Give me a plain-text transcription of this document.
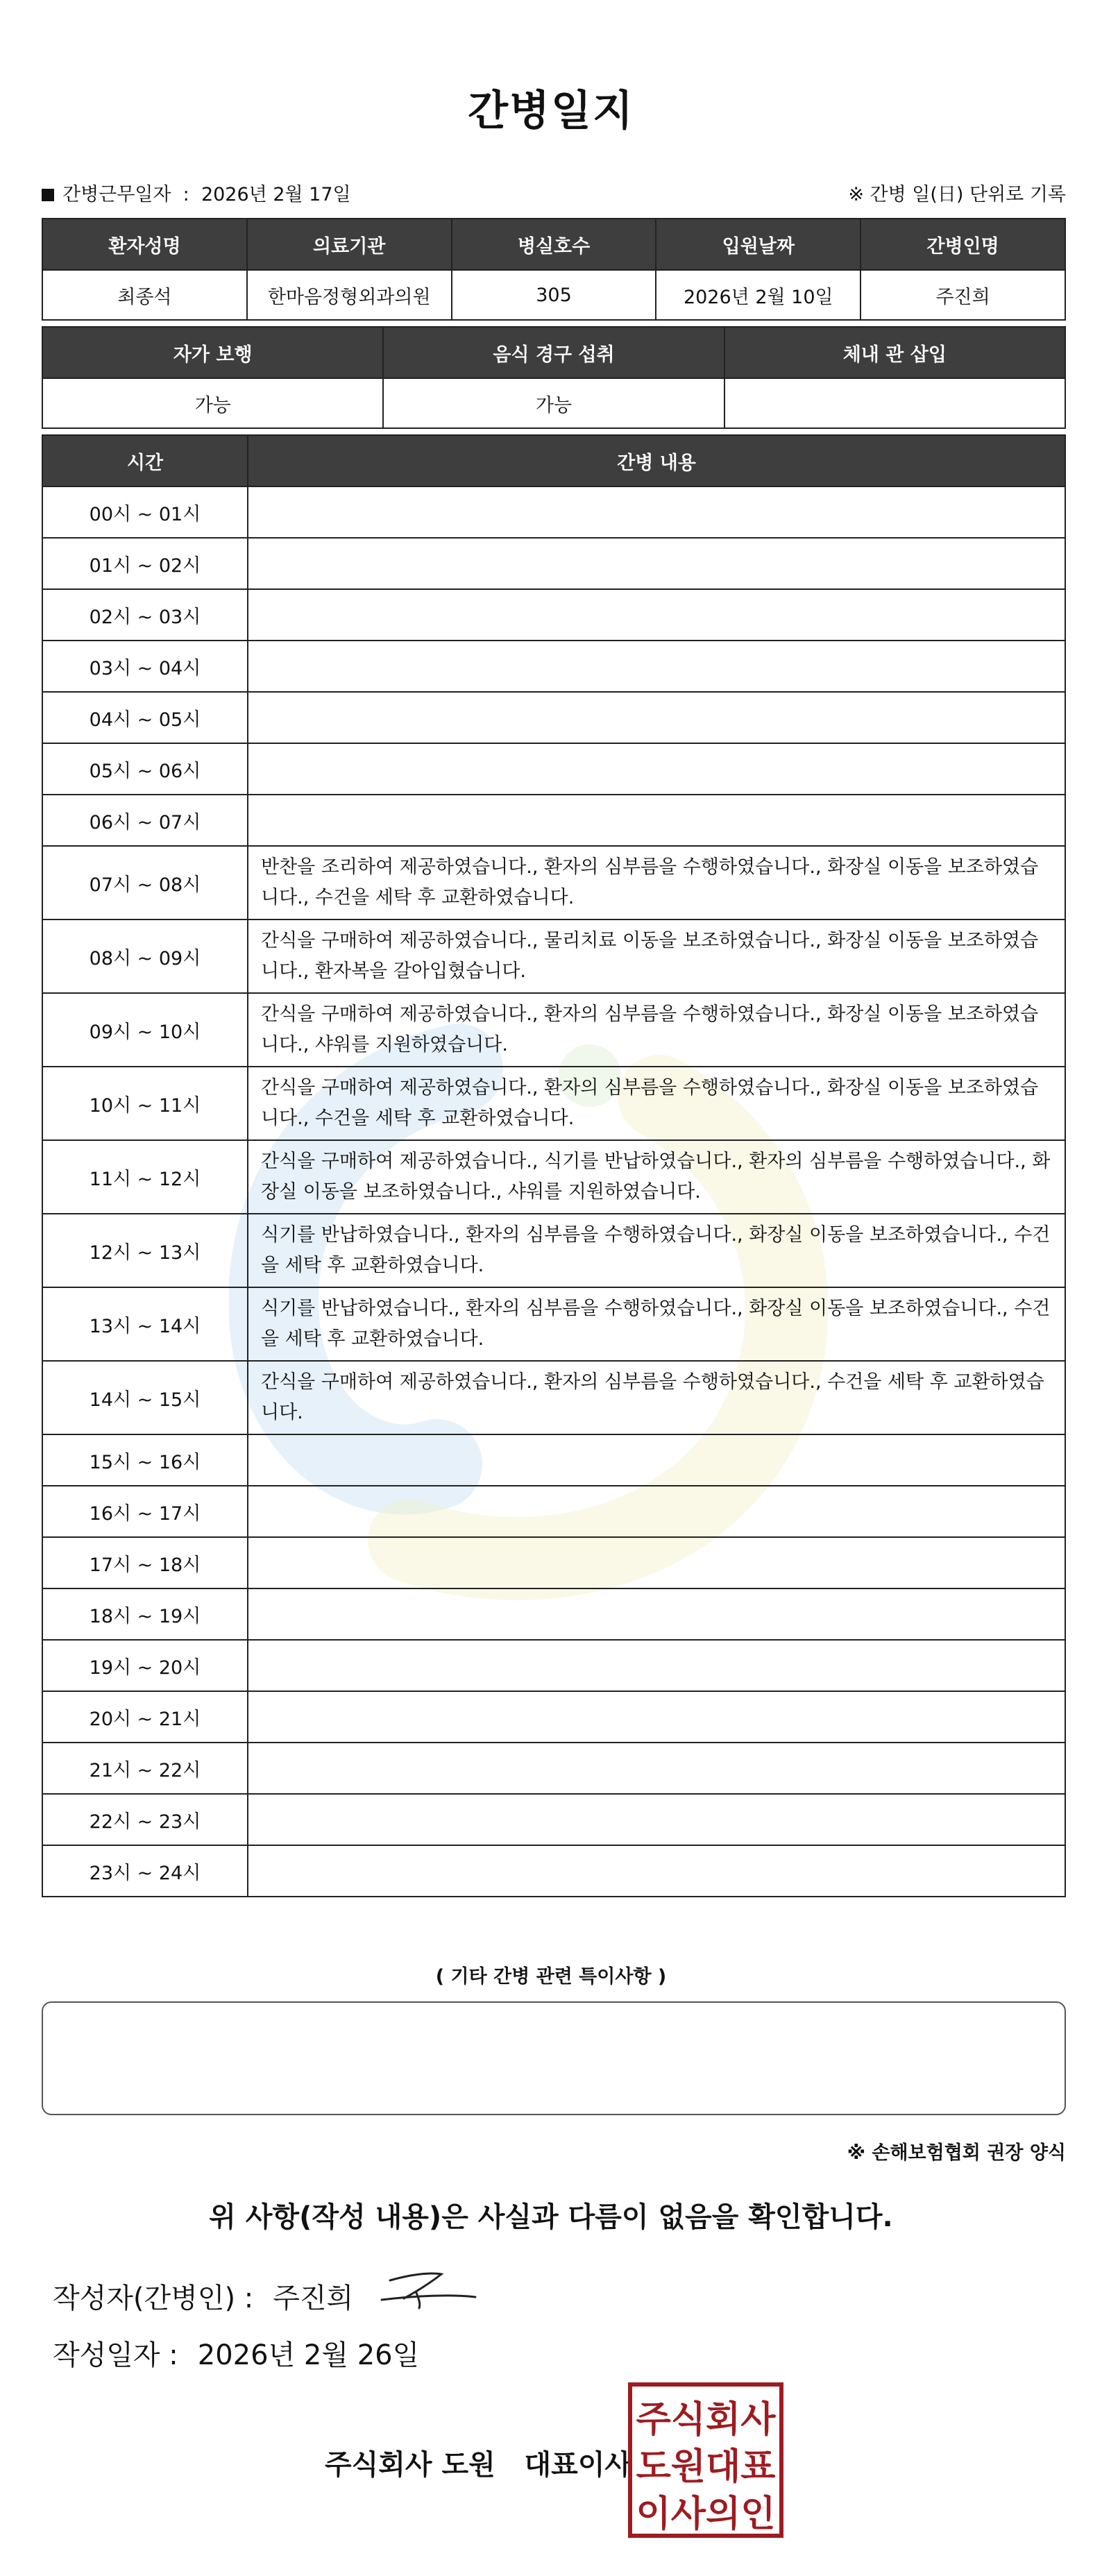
간병일지
간병근무일자 : 2026년 2월 17일	※ 간병 일(日) 단위로 기록
환자성명	의료기관	병실호수	입원날짜	간병인명
최종석	한마음정형외과의원	305	2026년 2월 10일	주진희
자가 보행	음식 경구 섭취	체내 관 삽입
가능	가능	
시간	간병 내용
00시 ~ 01시	
01시 ~ 02시	
02시 ~ 03시	
03시 ~ 04시	
04시 ~ 05시	
05시 ~ 06시	
06시 ~ 07시	
07시 ~ 08시	반찬을 조리하여 제공하였습니다., 환자의 심부름을 수행하였습니다., 화장실 이동을 보조하였습니다., 수건을 세탁 후 교환하였습니다.
08시 ~ 09시	간식을 구매하여 제공하였습니다., 물리치료 이동을 보조하였습니다., 화장실 이동을 보조하였습니다., 환자복을 갈아입혔습니다.
09시 ~ 10시	간식을 구매하여 제공하였습니다., 환자의 심부름을 수행하였습니다., 화장실 이동을 보조하였습니다., 샤워를 지원하였습니다.
10시 ~ 11시	간식을 구매하여 제공하였습니다., 환자의 심부름을 수행하였습니다., 화장실 이동을 보조하였습니다., 수건을 세탁 후 교환하였습니다.
11시 ~ 12시	간식을 구매하여 제공하였습니다., 식기를 반납하였습니다., 환자의 심부름을 수행하였습니다., 화장실 이동을 보조하였습니다., 샤워를 지원하였습니다.
12시 ~ 13시	식기를 반납하였습니다., 환자의 심부름을 수행하였습니다., 화장실 이동을 보조하였습니다., 수건을 세탁 후 교환하였습니다.
13시 ~ 14시	식기를 반납하였습니다., 환자의 심부름을 수행하였습니다., 화장실 이동을 보조하였습니다., 수건을 세탁 후 교환하였습니다.
14시 ~ 15시	간식을 구매하여 제공하였습니다., 환자의 심부름을 수행하였습니다., 수건을 세탁 후 교환하였습니다.
15시 ~ 16시	
16시 ~ 17시	
17시 ~ 18시	
18시 ~ 19시	
19시 ~ 20시	
20시 ~ 21시	
21시 ~ 22시	
22시 ~ 23시	
23시 ~ 24시	
( 기타 간병 관련 특이사항 )
※ 손해보험협회 권장 양식
위 사항(작성 내용)은 사실과 다름이 없음을 확인합니다.
작성자(간병인) : 주진희
작성일자 : 2026년 2월 26일
주식회사 도원   대표이사
주식회사
도원대표
이사의인
